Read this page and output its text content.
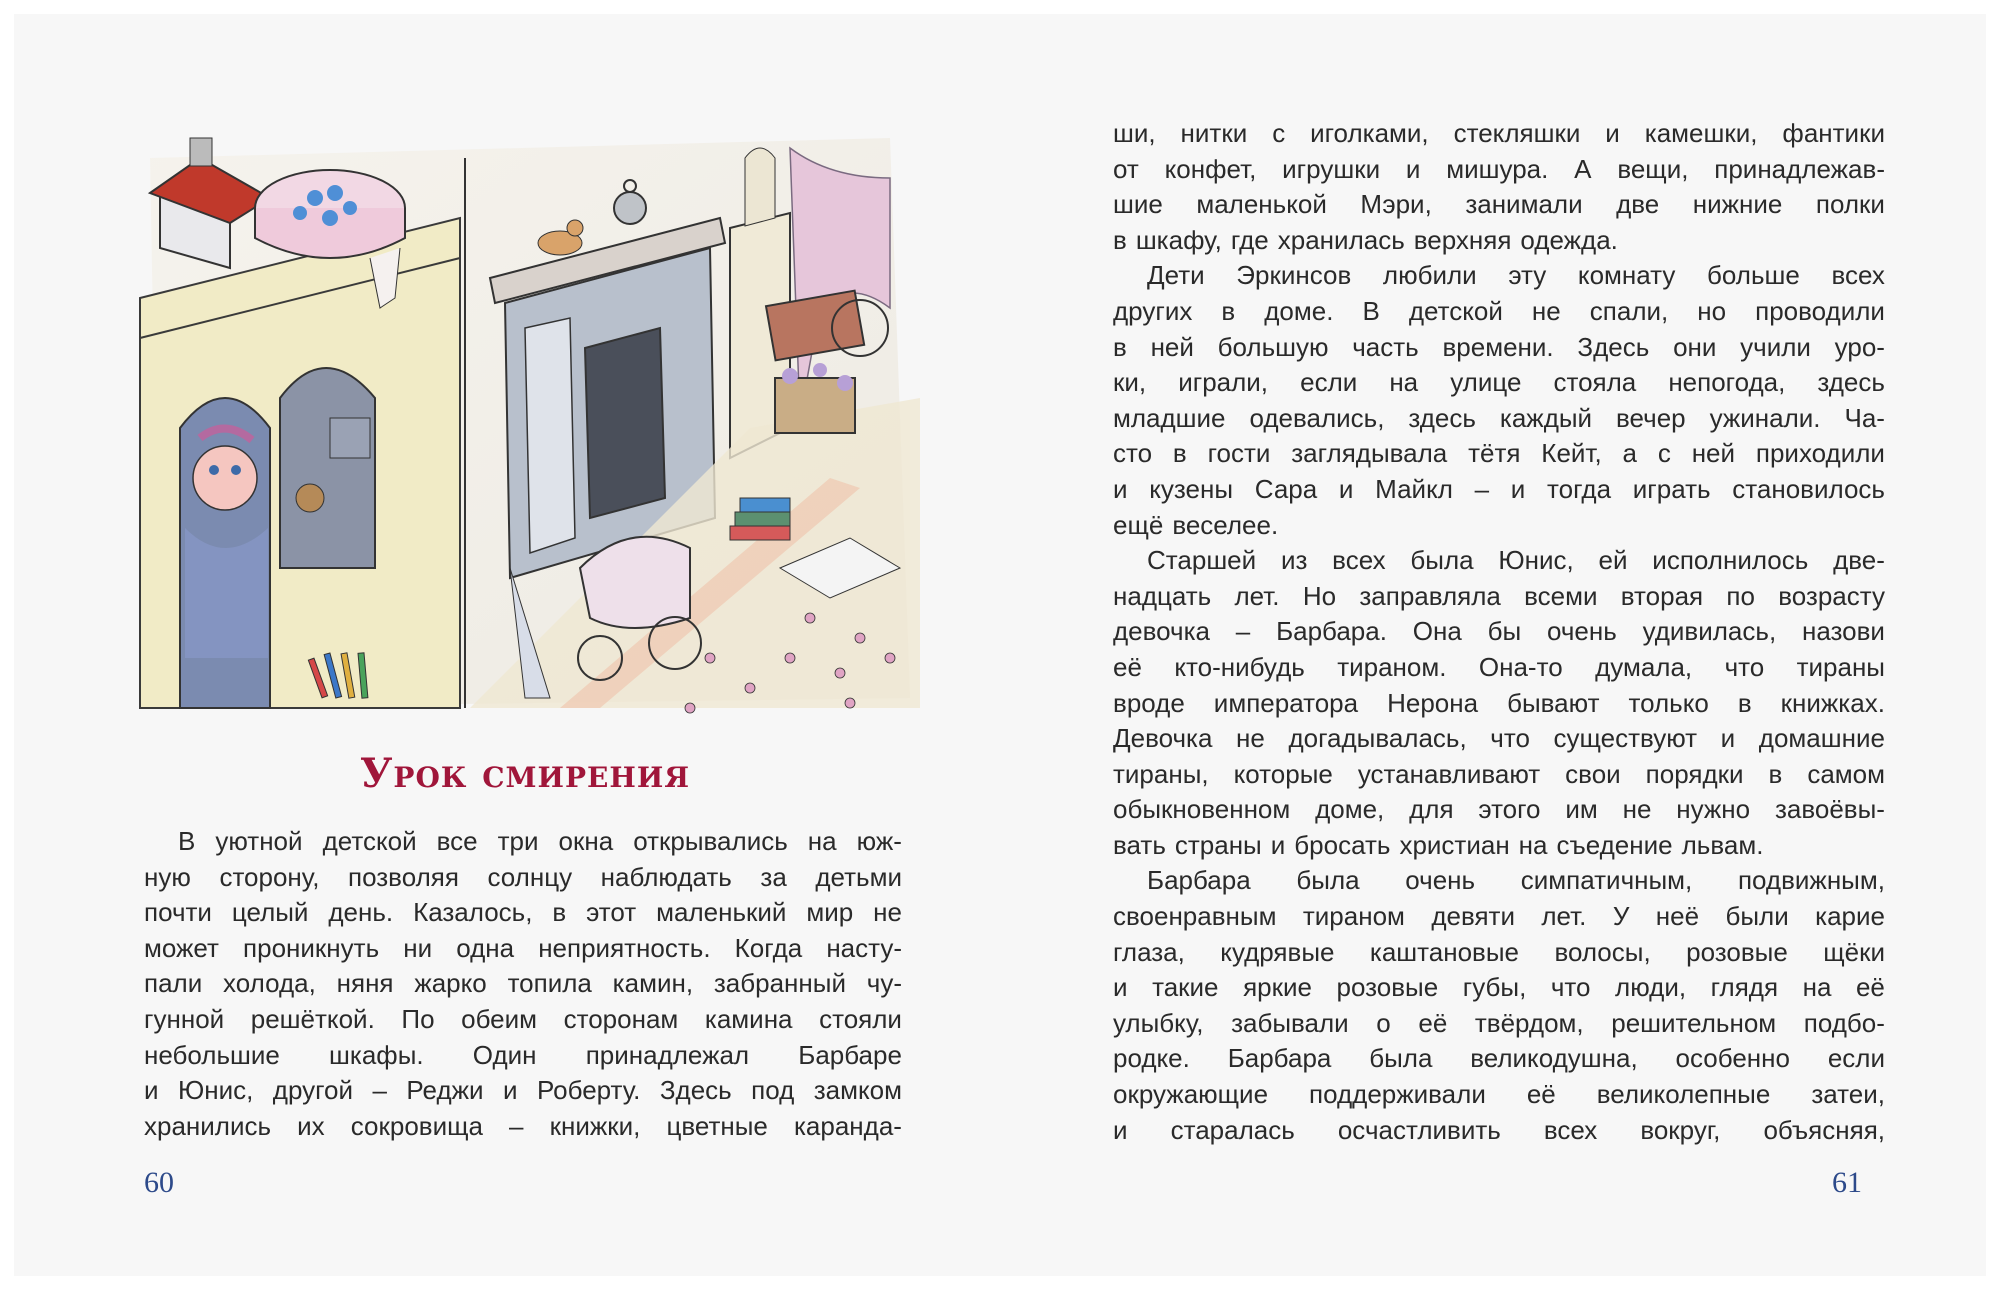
Урок смирения
В уютной детской все три окна открывались на юж-
ную сторону, позволяя солнцу наблюдать за детьми
почти целый день. Казалось, в этот маленький мир не
может проникнуть ни одна неприятность. Когда насту-
пали холода, няня жарко топила камин, забранный чу-
гунной решёткой. По обеим сторонам камина стояли
небольшие шкафы. Один принадлежал Барбаре
и Юнис, другой – Реджи и Роберту. Здесь под замком
хранились их сокровища – книжки, цветные каранда-
60
ши, нитки с иголками, стекляшки и камешки, фантики
от конфет, игрушки и мишура. А вещи, принадлежав-
шие маленькой Мэри, занимали две нижние полки
в шкафу, где хранилась верхняя одежда.
Дети Эркинсов любили эту комнату больше всех
других в доме. В детской не спали, но проводили
в ней большую часть времени. Здесь они учили уро-
ки, играли, если на улице стояла непогода, здесь
младшие одевались, здесь каждый вечер ужинали. Ча-
сто в гости заглядывала тётя Кейт, а с ней приходили
и кузены Сара и Майкл – и тогда играть становилось
ещё веселее.
Старшей из всех была Юнис, ей исполнилось две-
надцать лет. Но заправляла всеми вторая по возрасту
девочка – Барбара. Она бы очень удивилась, назови
её кто-нибудь тираном. Она-то думала, что тираны
вроде императора Нерона бывают только в книжках.
Девочка не догадывалась, что существуют и домашние
тираны, которые устанавливают свои порядки в самом
обыкновенном доме, для этого им не нужно завоёвы-
вать страны и бросать христиан на съедение львам.
Барбара была очень симпатичным, подвижным,
своенравным тираном девяти лет. У неё были карие
глаза, кудрявые каштановые волосы, розовые щёки
и такие яркие розовые губы, что люди, глядя на её
улыбку, забывали о её твёрдом, решительном подбо-
родке. Барбара была великодушна, особенно если
окружающие поддерживали её великолепные затеи,
и старалась осчастливить всех вокруг, объясняя,
61
